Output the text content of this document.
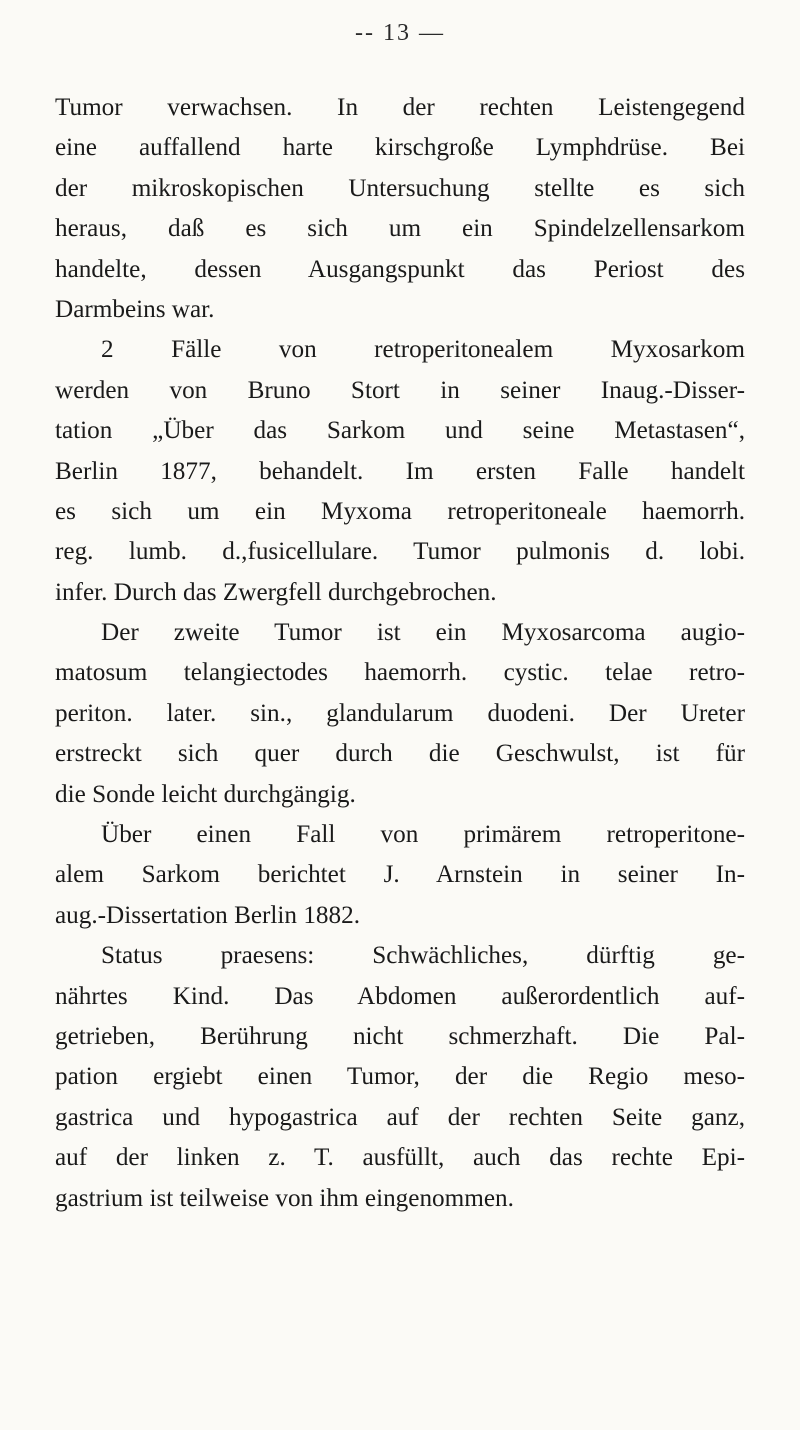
-- 13 —
Tumor verwachsen. In der rechten Leistengegend
eine auffallend harte kirschgroße Lymphdrüse. Bei
der mikroskopischen Untersuchung stellte es sich
heraus, daß es sich um ein Spindelzellensarkom
handelte, dessen Ausgangspunkt das Periost des
Darmbeins war.
2 Fälle von retroperitonealem Myxosarkom
werden von Bruno Stort in seiner Inaug.-Disser-
tation „Über das Sarkom und seine Metastasen“,
Berlin 1877, behandelt. Im ersten Falle handelt
es sich um ein Myxoma retroperitoneale haemorrh.
reg. lumb. d.,fusicellulare. Tumor pulmonis d. lobi.
infer. Durch das Zwergfell durchgebrochen.
Der zweite Tumor ist ein Myxosarcoma augio-
matosum telangiectodes haemorrh. cystic. telae retro-
periton. later. sin., glandularum duodeni. Der Ureter
erstreckt sich quer durch die Geschwulst, ist für
die Sonde leicht durchgängig.
Über einen Fall von primärem retroperitone-
alem Sarkom berichtet J. Arnstein in seiner In-
aug.-Dissertation Berlin 1882.
Status praesens: Schwächliches, dürftig ge-
nährtes Kind. Das Abdomen außerordentlich auf-
getrieben, Berührung nicht schmerzhaft. Die Pal-
pation ergiebt einen Tumor, der die Regio meso-
gastrica und hypogastrica auf der rechten Seite ganz,
auf der linken z. T. ausfüllt, auch das rechte Epi-
gastrium ist teilweise von ihm eingenommen.
